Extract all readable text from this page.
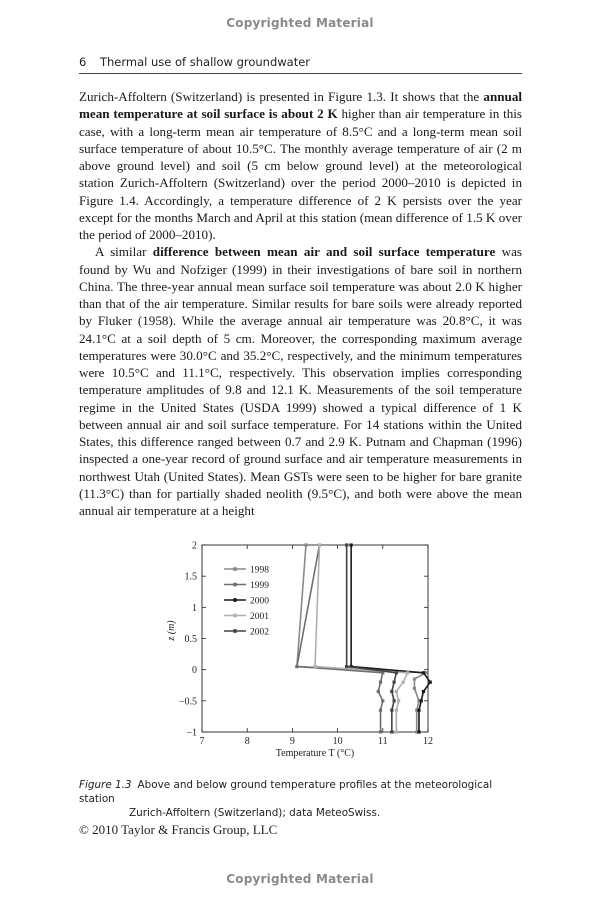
Copyrighted Material
6 Thermal use of shallow groundwater

Zurich-Affoltern (Switzerland) is presented in Figure 1.3. It shows that the annual mean temperature at soil surface is about 2 K higher than air temperature in this case, with a long-term mean air temperature of 8.5°C and a long-term mean soil surface temperature of about 10.5°C. The monthly average temperature of air (2 m above ground level) and soil (5 cm below ground level) at the meteorological station Zurich-Affoltern (Switzerland) over the period 2000–2010 is depicted in Figure 1.4. Accordingly, a temperature difference of 2 K persists over the year except for the months March and April at this station (mean difference of 1.5 K over the period of 2000–2010).

A similar difference between mean air and soil surface temperature was found by Wu and Nofziger (1999) in their investigations of bare soil in northern China. The three-year annual mean surface soil temperature was about 2.0 K higher than that of the air temperature. Similar results for bare soils were already reported by Fluker (1958). While the average annual air temperature was 20.8°C, it was 24.1°C at a soil depth of 5 cm. Moreover, the corresponding maximum average temperatures were 30.0°C and 35.2°C, respectively, and the minimum temperatures were 10.5°C and 11.1°C, respectively. This observation implies corresponding temperature amplitudes of 9.8 and 12.1 K. Measurements of the soil temperature regime in the United States (USDA 1999) showed a typical difference of 1 K between annual air and soil surface temperature. For 14 stations within the United States, this difference ranged between 0.7 and 2.9 K. Putnam and Chapman (1996) inspected a one-year record of ground surface and air temperature measurements in northwest Utah (United States). Mean GSTs were seen to be higher for bare granite (11.3°C) than for partially shaded neolith (9.5°C), and both were above the mean annual air temperature at a height

7	8	9	10	11	12
−1
−0.5
0
0.5
1
1.5
2
Temperature T (°C)
z (m)
1998
1999
2000
2001
2002
Figure 1.3 Above and below ground temperature profiles at the meteorological station
Zurich-Affoltern (Switzerland); data MeteoSwiss.
© 2010 Taylor & Francis Group, LLC
Copyrighted Material
